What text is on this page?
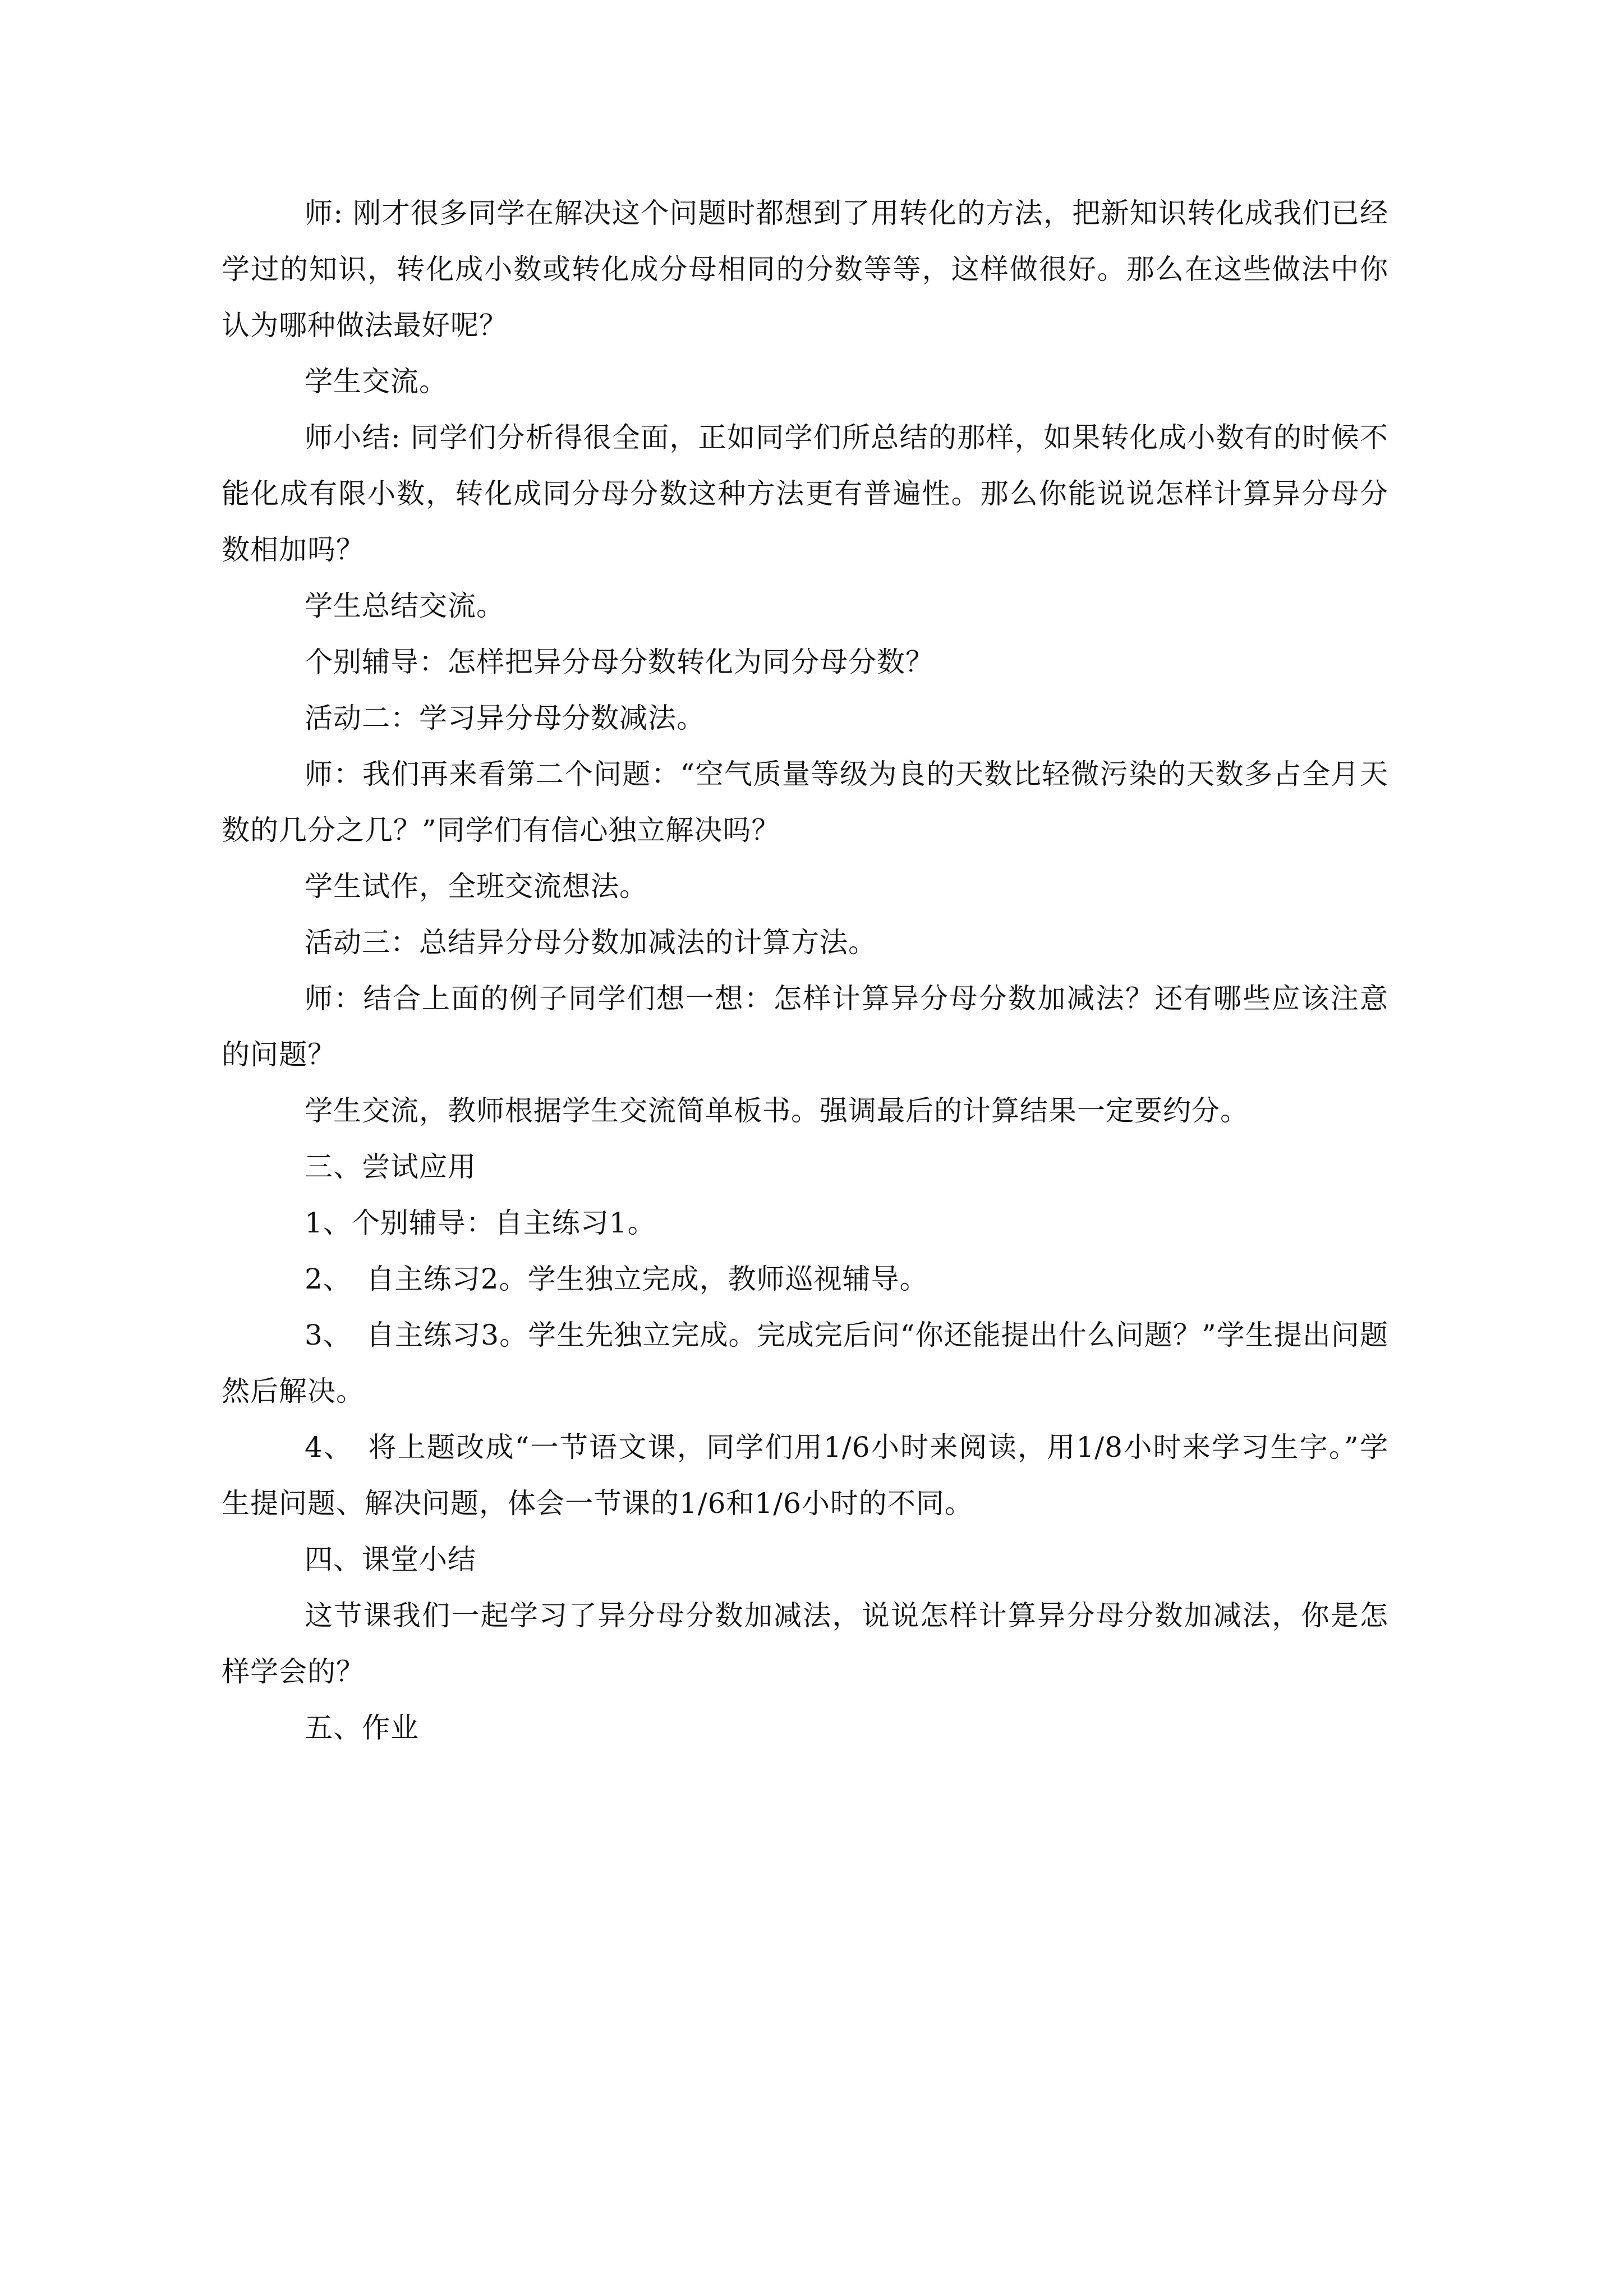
师: 刚才很多同学在解决这个问题时都想到了用转化的方法，把新知识转化成我们已经学过的知识，转化成小数或转化成分母相同的分数等等，这样做很好。那么在这些做法中你认为哪种做法最好呢？

学生交流。

师小结: 同学们分析得很全面，正如同学们所总结的那样，如果转化成小数有的时候不能化成有限小数，转化成同分母分数这种方法更有普遍性。那么你能说说怎样计算异分母分数相加吗？

学生总结交流。

个别辅导：怎样把异分母分数转化为同分母分数？

活动二：学习异分母分数减法。

师：我们再来看第二个问题：“空气质量等级为良的天数比轻微污染的天数多占全月天数的几分之几？”同学们有信心独立解决吗？

学生试作，全班交流想法。

活动三：总结异分母分数加减法的计算方法。

师：结合上面的例子同学们想一想：怎样计算异分母分数加减法？还有哪些应该注意的问题？

学生交流，教师根据学生交流简单板书。强调最后的计算结果一定要约分。

三、尝试应用

1、个别辅导：自主练习1。

2、　自主练习2。学生独立完成，教师巡视辅导。

3、　自主练习3。学生先独立完成。完成完后问“你还能提出什么问题？”学生提出问题然后解决。

4、　将上题改成“一节语文课，同学们用1/6小时来阅读，用1/8小时来学习生字。”学生提问题、解决问题，体会一节课的1/6和1/6小时的不同。

四、课堂小结

这节课我们一起学习了异分母分数加减法，说说怎样计算异分母分数加减法，你是怎样学会的？

五、作业
